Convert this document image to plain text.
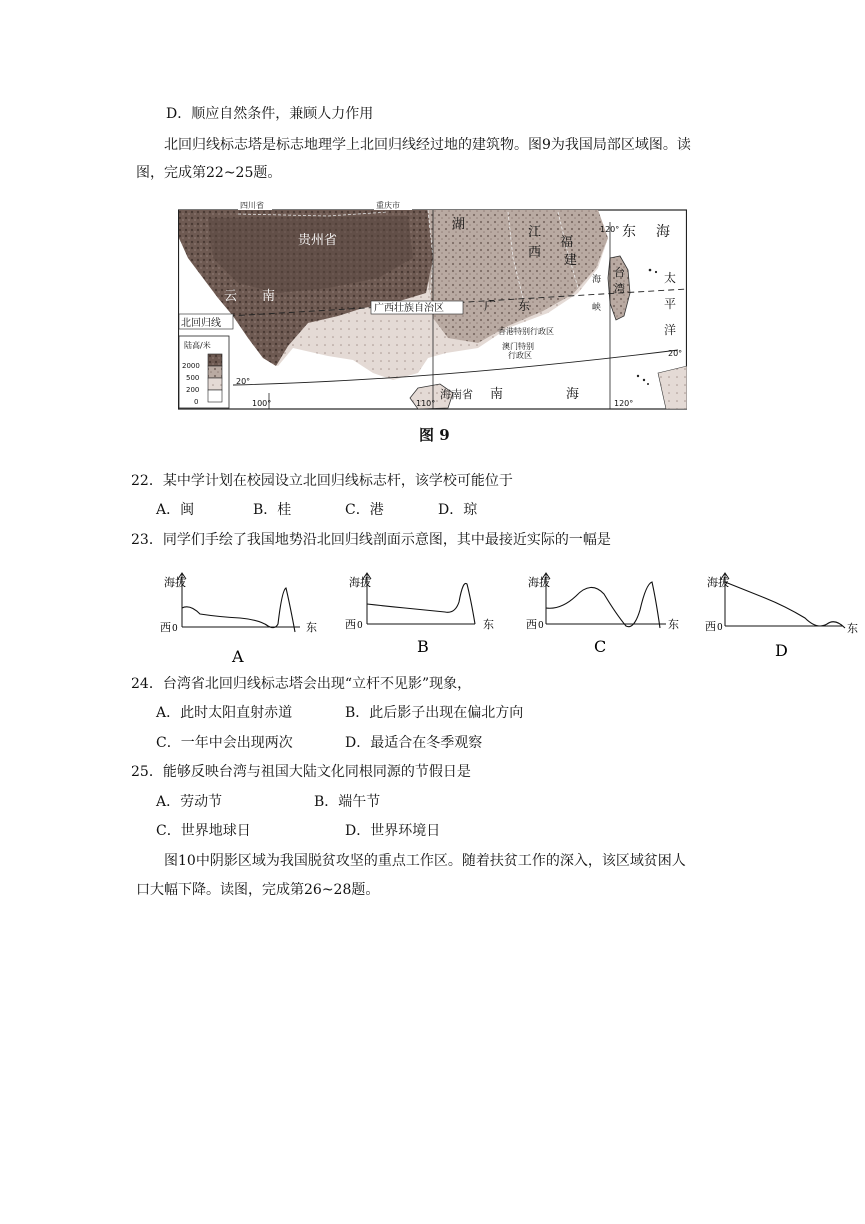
D．顺应自然条件，兼顾人力作用
北回归线标志塔是标志地理学上北回归线经过地的建筑物。图9为我国局部区域图。读
图，完成第22~25题。
四川省	重庆市
贵州省
湖
江
西
福
建
东 海
台
湾
太
平
洋
云 南
广西壮族自治区	广 东
香港特别行政区
澳门特别
行政区
海南省 南	海
海
峡
北回归线
陆高/米
2000
500
200
0	100°	110°
120°
120°
20°
20°
图 9
22．某中学计划在校园设立北回归线标志杆，该学校可能位于
A．闽	B．桂	C．港	D．琼
23．同学们手绘了我国地势沿北回归线剖面示意图，其中最接近实际的一幅是
海拔
西 0	东
A
海拔
西 0	东
B
海拔
西 0	东
C
海拔
西 0	东
D
24．台湾省北回归线标志塔会出现“立杆不见影”现象，
A．此时太阳直射赤道	B．此后影子出现在偏北方向
C．一年中会出现两次	D．最适合在冬季观察
25．能够反映台湾与祖国大陆文化同根同源的节假日是
A．劳动节	B．端午节
C．世界地球日	D．世界环境日
图10中阴影区域为我国脱贫攻坚的重点工作区。随着扶贫工作的深入，该区域贫困人
口大幅下降。读图，完成第26~28题。
